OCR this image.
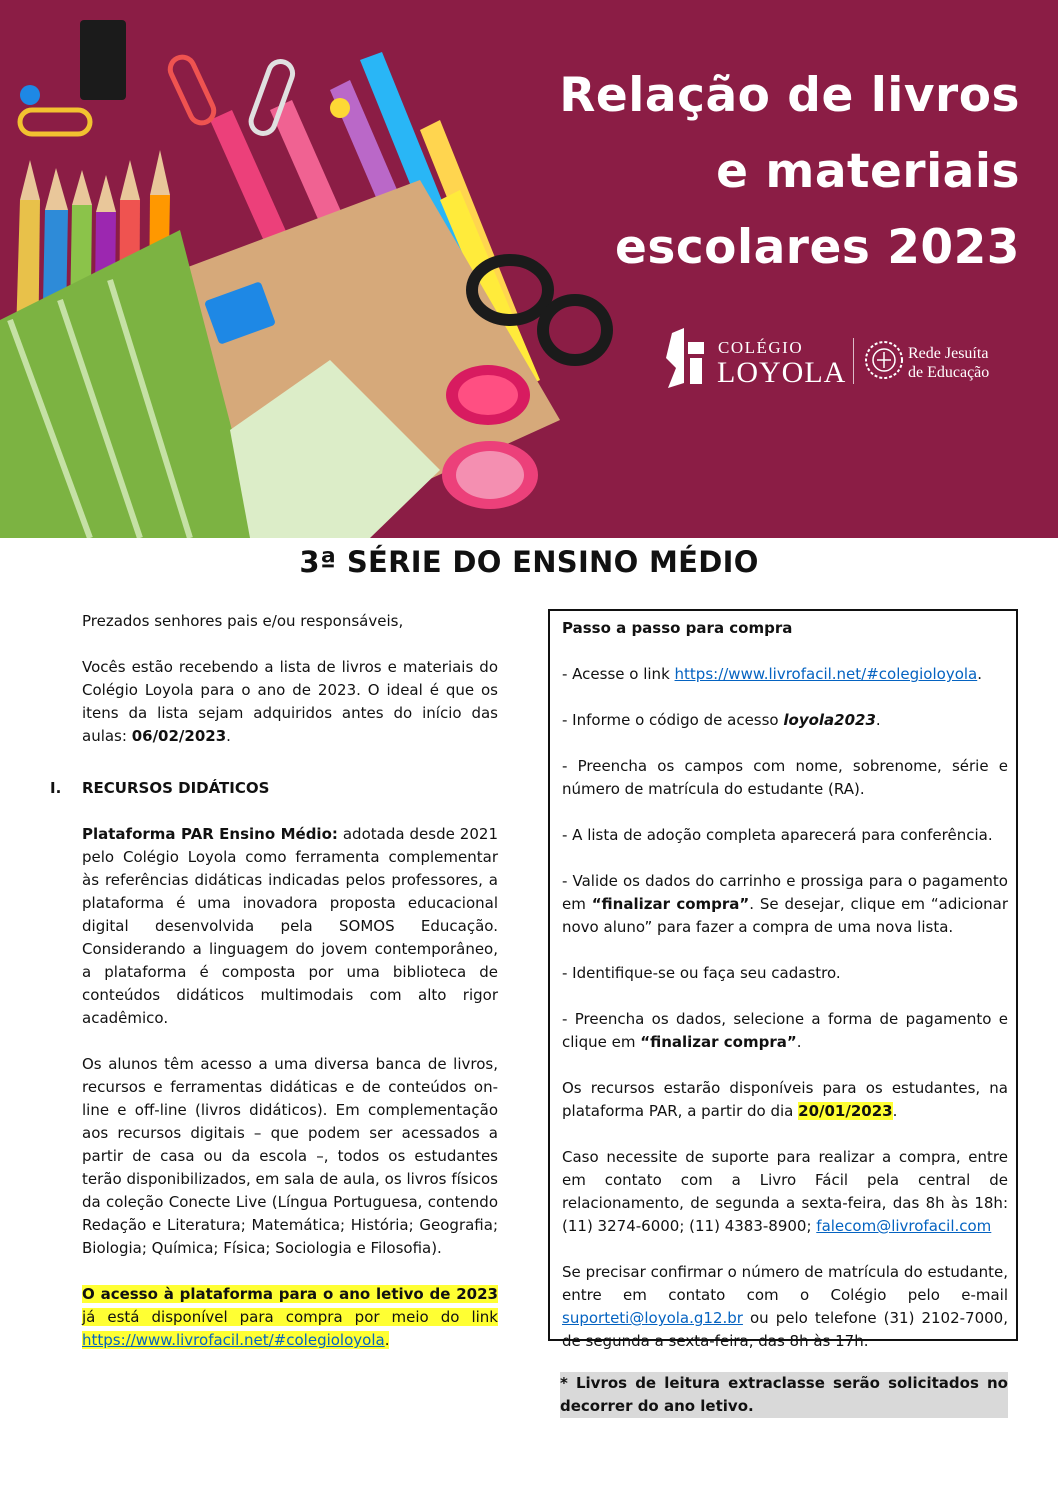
Relação de livros
e materiais
escolares 2023
COLÉGIO
LOYOLA
Rede Jesuíta
de Educação
3ª SÉRIE DO ENSINO MÉDIO

Prezados senhores pais e/ou responsáveis,

Vocês estão recebendo a lista de livros e materiais do Colégio Loyola para o ano de 2023. O ideal é que os itens da lista sejam adquiridos antes do início das aulas: 06/02/2023.

I. RECURSOS DIDÁTICOS

Plataforma PAR Ensino Médio: adotada desde 2021 pelo Colégio Loyola como ferramenta complementar às referências didáticas indicadas pelos professores, a plataforma é uma inovadora proposta educacional digital desenvolvida pela SOMOS Educação. Considerando a linguagem do jovem contemporâneo, a plataforma é composta por uma biblioteca de conteúdos didáticos multimodais com alto rigor acadêmico.

Os alunos têm acesso a uma diversa banca de livros, recursos e ferramentas didáticas e de conteúdos on-line e off-line (livros didáticos). Em complementação aos recursos digitais – que podem ser acessados a partir de casa ou da escola –, todos os estudantes terão disponibilizados, em sala de aula, os livros físicos da coleção Conecte Live (Língua Portuguesa, contendo Redação e Literatura; Matemática; História; Geografia; Biologia; Química; Física; Sociologia e Filosofia).

O acesso à plataforma para o ano letivo de 2023 já está disponível para compra por meio do link https://www.livrofacil.net/#colegioloyola.

Passo a passo para compra

- Acesse o link https://www.livrofacil.net/#colegioloyola.

- Informe o código de acesso loyola2023.

- Preencha os campos com nome, sobrenome, série e número de matrícula do estudante (RA).

- A lista de adoção completa aparecerá para conferência.

- Valide os dados do carrinho e prossiga para o pagamento em “finalizar compra”. Se desejar, clique em “adicionar novo aluno” para fazer a compra de uma nova lista.

- Identifique-se ou faça seu cadastro.

- Preencha os dados, selecione a forma de pagamento e clique em “finalizar compra”.

Os recursos estarão disponíveis para os estudantes, na plataforma PAR, a partir do dia 20/01/2023.

Caso necessite de suporte para realizar a compra, entre em contato com a Livro Fácil pela central de relacionamento, de segunda a sexta-feira, das 8h às 18h: (11) 3274-6000; (11) 4383-8900; falecom@livrofacil.com

Se precisar confirmar o número de matrícula do estudante, entre em contato com o Colégio pelo e-mail suporteti@loyola.g12.br ou pelo telefone (31) 2102-7000, de segunda a sexta-feira, das 8h às 17h.

* Livros de leitura extraclasse serão solicitados no decorrer do ano letivo.
